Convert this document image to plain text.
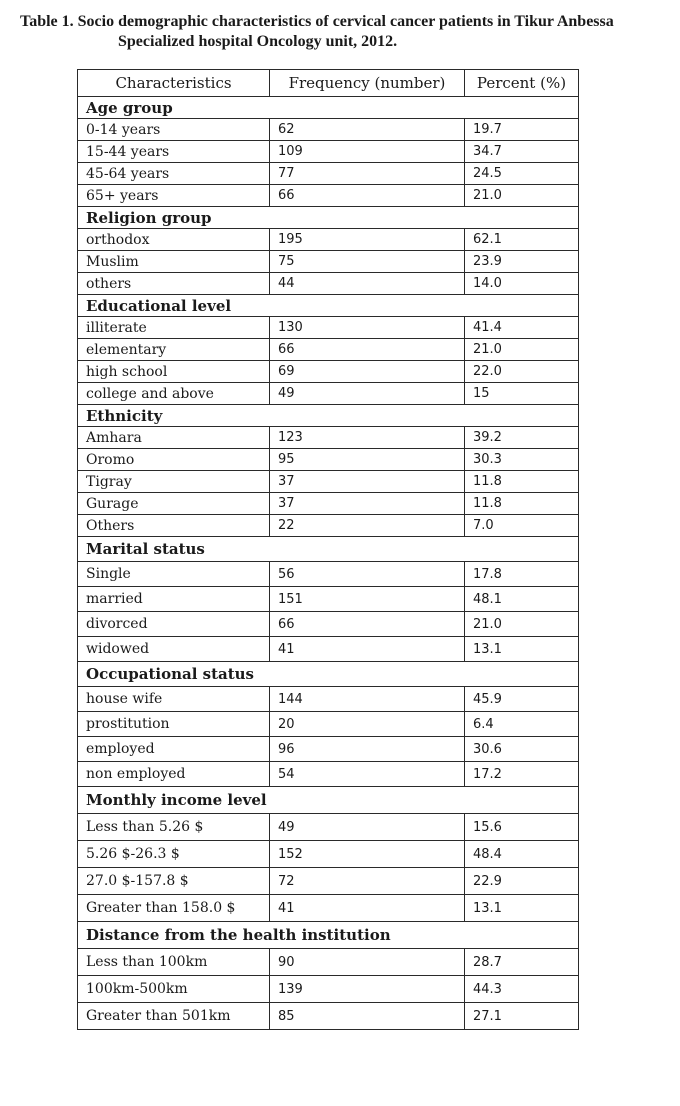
Table 1. Socio demographic characteristics of cervical cancer patients in Tikur Anbessa
Specialized hospital Oncology unit, 2012.
Characteristics	Frequency (number)	Percent (%)
Age group		
0-14 years	62	19.7
15-44 years	109	34.7
45-64 years	77	24.5
65+ years	66	21.0
Religion group		
orthodox	195	62.1
Muslim	75	23.9
others	44	14.0
Educational level		
illiterate	130	41.4
elementary	66	21.0
high school	69	22.0
college and above	49	15
Ethnicity		
Amhara	123	39.2
Oromo	95	30.3
Tigray	37	11.8
Gurage	37	11.8
Others	22	7.0
Marital status		
Single	56	17.8
married	151	48.1
divorced	66	21.0
widowed	41	13.1
Occupational status		
house wife	144	45.9
prostitution	20	6.4
employed	96	30.6
non employed	54	17.2
Monthly income level		
Less than 5.26 $	49	15.6
5.26 $-26.3 $	152	48.4
27.0 $-157.8 $	72	22.9
Greater than 158.0 $	41	13.1
Distance from the health institution		
Less than 100km	90	28.7
100km-500km	139	44.3
Greater than 501km	85	27.1
